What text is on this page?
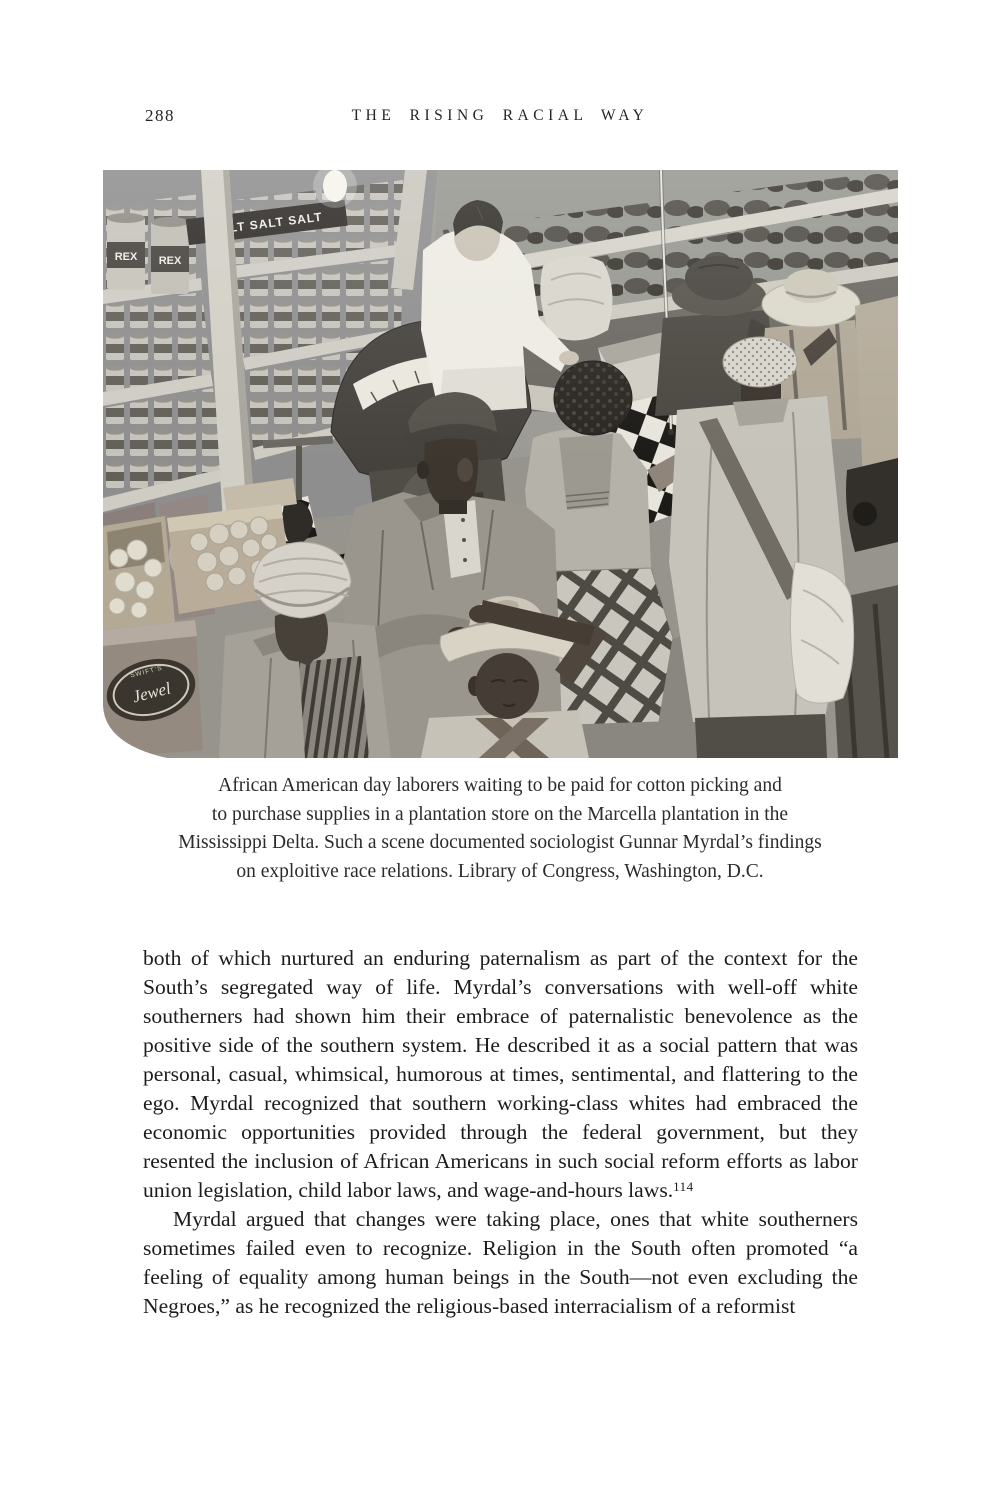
288	THE RISING RACIAL WAY
African American day laborers waiting to be paid for cotton picking and
to purchase supplies in a plantation store on the Marcella plantation in the
Mississippi Delta. Such a scene documented sociologist Gunnar Myrdal’s findings
on exploitive race relations. Library of Congress, Washington, D.C.

both of which nurtured an enduring paternalism as part of the context for the South’s segregated way of life. Myrdal’s conversations with well-off white southerners had shown him their embrace of paternalistic benevolence as the positive side of the southern system. He described it as a social pattern that was personal, casual, whimsical, humorous at times, sentimental, and flattering to the ego. Myrdal recognized that southern working-class whites had embraced the economic opportunities provided through the federal government, but they resented the inclusion of African Americans in such social reform efforts as labor union legislation, child labor laws, and wage-and-hours laws.$^{114}$

Myrdal argued that changes were taking place, ones that white southerners sometimes failed even to recognize. Religion in the South often promoted “a feeling of equality among human beings in the South—not even excluding the Negroes,” as he recognized the religious-based interracialism of a reformist
